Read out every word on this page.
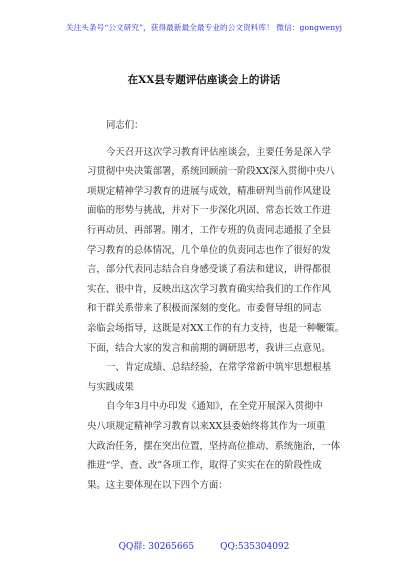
关注头条号“公文研究”，获得最新最全最专业的公文资料库！ 微信：gongwenyj
在XX县专题评估座谈会上的讲话
同志们：
今天召开这次学习教育评估座谈会，主要任务是深入学
习贯彻中央决策部署，系统回顾前一阶段XX深入贯彻中央八
项规定精神学习教育的进展与成效，精准研判当前作风建设
面临的形势与挑战，并对下一步深化巩固、常态长效工作进
行再动员、再部署。刚才，工作专班的负责同志通报了全县
学习教育的总体情况，几个单位的负责同志也作了很好的发
言，部分代表同志结合自身感受谈了看法和建议，讲得都很
实在、很中肯，反映出这次学习教育确实给我们的工作作风
和干群关系带来了积极而深刻的变化。市委督导组的同志
亲临会场指导，这既是对XX工作的有力支持，也是一种鞭策。
下面，结合大家的发言和前期的调研思考，我讲三点意见。
一、肯定成绩、总结经验，在常学常新中筑牢思想根基
与实践成果
自今年3月中办印发《通知》，在全党开展深入贯彻中
央八项规定精神学习教育以来XX县委始终将其作为一项重
大政治任务，摆在突出位置，坚持高位推动、系统施治，一体
推进“学、查、改”各项工作，取得了实实在在的阶段性成
果。这主要体现在以下四个方面：
QQ群: 30265665	QQ:535304092
